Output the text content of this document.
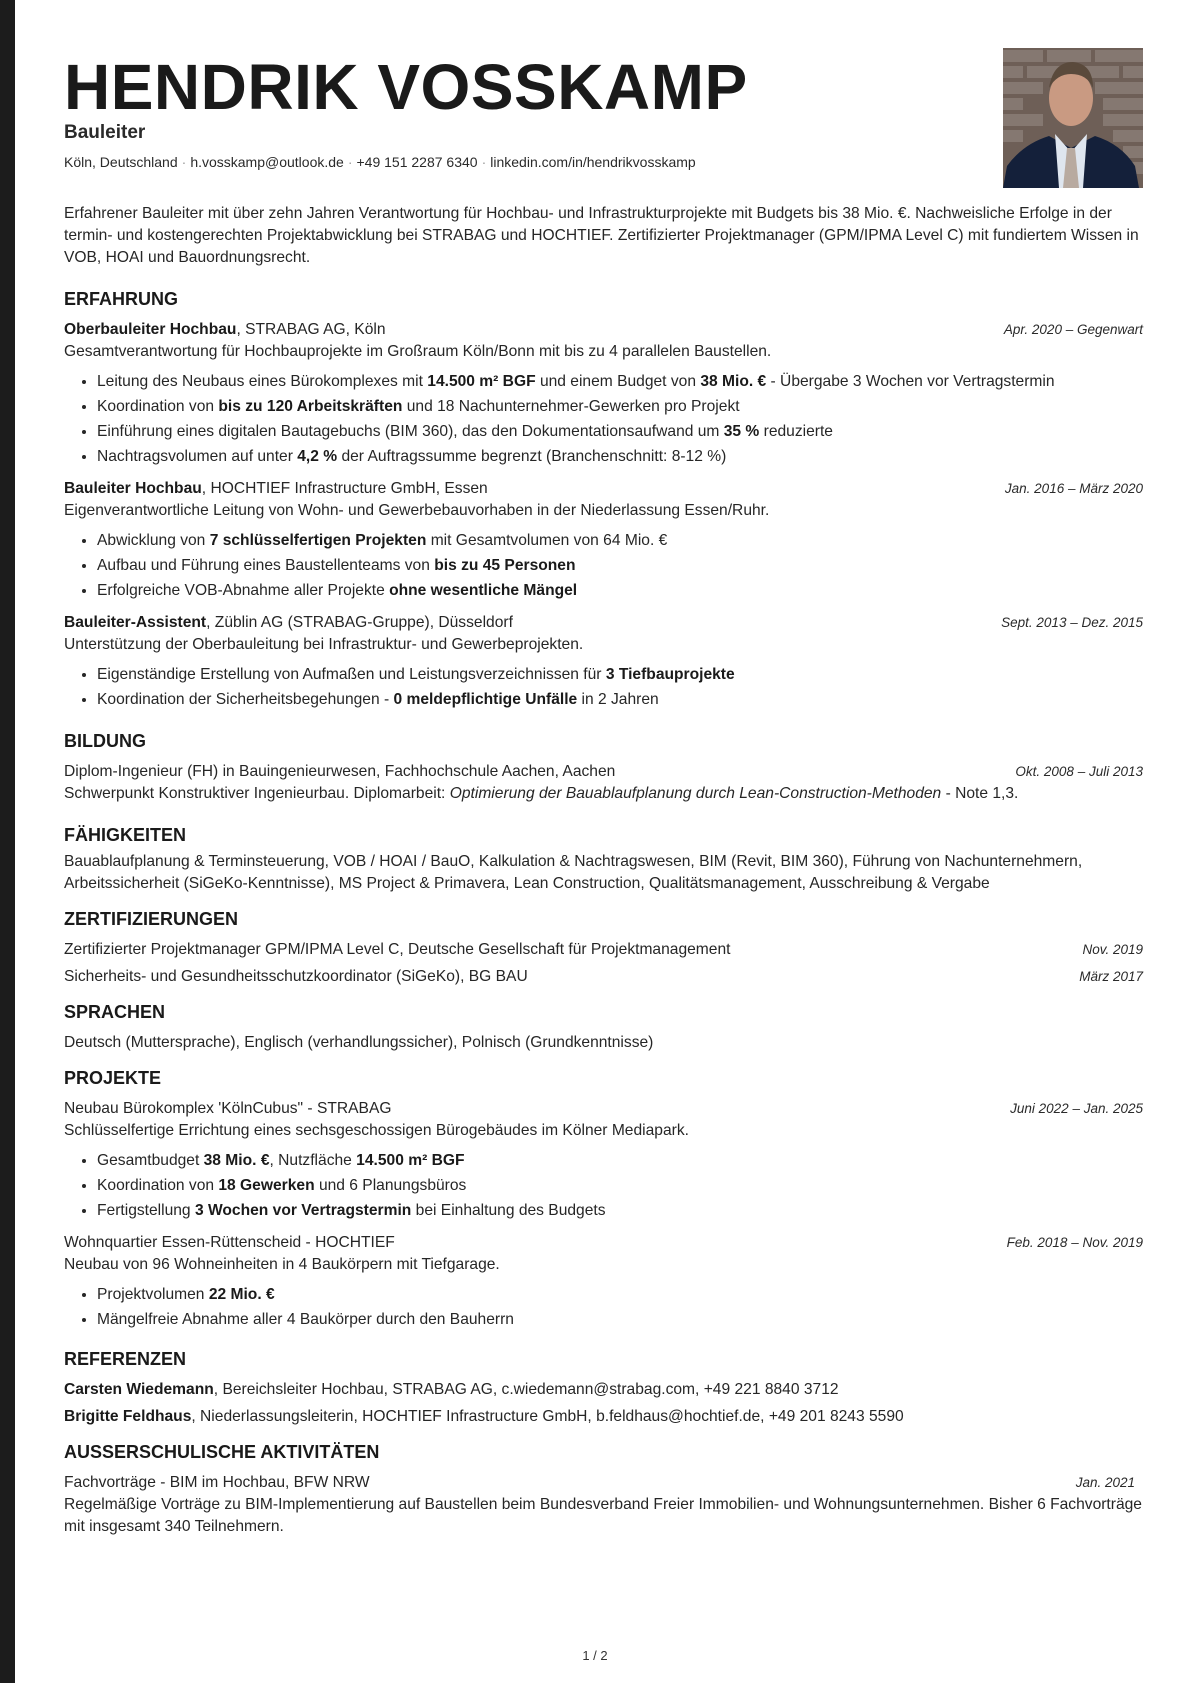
HENDRIK VOSSKAMP
Bauleiter
Köln, Deutschland · h.vosskamp@outlook.de · +49 151 2287 6340 · linkedin.com/in/hendrikvosskamp

Erfahrener Bauleiter mit über zehn Jahren Verantwortung für Hochbau- und Infrastrukturprojekte mit Budgets bis 38 Mio. €. Nachweisliche Erfolge in der termin- und kostengerechten Projektabwicklung bei STRABAG und HOCHTIEF. Zertifizierter Projektmanager (GPM/IPMA Level C) mit fundiertem Wissen in VOB, HOAI und Bauordnungsrecht.

ERFAHRUNG
Oberbauleiter Hochbau, STRABAG AG, Köln	Apr. 2020 – Gegenwart
Gesamtverantwortung für Hochbauprojekte im Großraum Köln/Bonn mit bis zu 4 parallelen Baustellen.
• Leitung des Neubaus eines Bürokomplexes mit 14.500 m² BGF und einem Budget von 38 Mio. € - Übergabe 3 Wochen vor Vertragstermin
• Koordination von bis zu 120 Arbeitskräften und 18 Nachunternehmer-Gewerken pro Projekt
• Einführung eines digitalen Bautagebuchs (BIM 360), das den Dokumentationsaufwand um 35 % reduzierte
• Nachtragsvolumen auf unter 4,2 % der Auftragssumme begrenzt (Branchenschnitt: 8-12 %)
Bauleiter Hochbau, HOCHTIEF Infrastructure GmbH, Essen	Jan. 2016 – März 2020
Eigenverantwortliche Leitung von Wohn- und Gewerbebauvorhaben in der Niederlassung Essen/Ruhr.
• Abwicklung von 7 schlüsselfertigen Projekten mit Gesamtvolumen von 64 Mio. €
• Aufbau und Führung eines Baustellenteams von bis zu 45 Personen
• Erfolgreiche VOB-Abnahme aller Projekte ohne wesentliche Mängel
Bauleiter-Assistent, Züblin AG (STRABAG-Gruppe), Düsseldorf	Sept. 2013 – Dez. 2015
Unterstützung der Oberbauleitung bei Infrastruktur- und Gewerbeprojekten.
• Eigenständige Erstellung von Aufmaßen und Leistungsverzeichnissen für 3 Tiefbauprojekte
• Koordination der Sicherheitsbegehungen - 0 meldepflichtige Unfälle in 2 Jahren
BILDUNG
Diplom-Ingenieur (FH) in Bauingenieurwesen, Fachhochschule Aachen, Aachen	Okt. 2008 – Juli 2013
Schwerpunkt Konstruktiver Ingenieurbau. Diplomarbeit: Optimierung der Bauablaufplanung durch Lean-Construction-Methoden - Note 1,3.
FÄHIGKEITEN
Bauablaufplanung & Terminsteuerung, VOB / HOAI / BauO, Kalkulation & Nachtragswesen, BIM (Revit, BIM 360), Führung von Nachunternehmern, Arbeitssicherheit (SiGeKo-Kenntnisse), MS Project & Primavera, Lean Construction, Qualitätsmanagement, Ausschreibung & Vergabe
ZERTIFIZIERUNGEN
Zertifizierter Projektmanager GPM/IPMA Level C, Deutsche Gesellschaft für Projektmanagement	Nov. 2019
Sicherheits- und Gesundheitsschutzkoordinator (SiGeKo), BG BAU	März 2017
SPRACHEN
Deutsch (Muttersprache), Englisch (verhandlungssicher), Polnisch (Grundkenntnisse)
PROJEKTE
Neubau Bürokomplex 'KölnCubus" - STRABAG	Juni 2022 – Jan. 2025
Schlüsselfertige Errichtung eines sechsgeschossigen Bürogebäudes im Kölner Mediapark.
• Gesamtbudget 38 Mio. €, Nutzfläche 14.500 m² BGF
• Koordination von 18 Gewerken und 6 Planungsbüros
• Fertigstellung 3 Wochen vor Vertragstermin bei Einhaltung des Budgets
Wohnquartier Essen-Rüttenscheid - HOCHTIEF	Feb. 2018 – Nov. 2019
Neubau von 96 Wohneinheiten in 4 Baukörpern mit Tiefgarage.
• Projektvolumen 22 Mio. €
• Mängelfreie Abnahme aller 4 Baukörper durch den Bauherrn
REFERENZEN
Carsten Wiedemann, Bereichsleiter Hochbau, STRABAG AG, c.wiedemann@strabag.com, +49 221 8840 3712
Brigitte Feldhaus, Niederlassungsleiterin, HOCHTIEF Infrastructure GmbH, b.feldhaus@hochtief.de, +49 201 8243 5590
AUSSERSCHULISCHE AKTIVITÄTEN
Fachvorträge - BIM im Hochbau, BFW NRW	Jan. 2021
Regelmäßige Vorträge zu BIM-Implementierung auf Baustellen beim Bundesverband Freier Immobilien- und Wohnungsunternehmen. Bisher 6 Fachvorträge mit insgesamt 340 Teilnehmern.
1 / 2
